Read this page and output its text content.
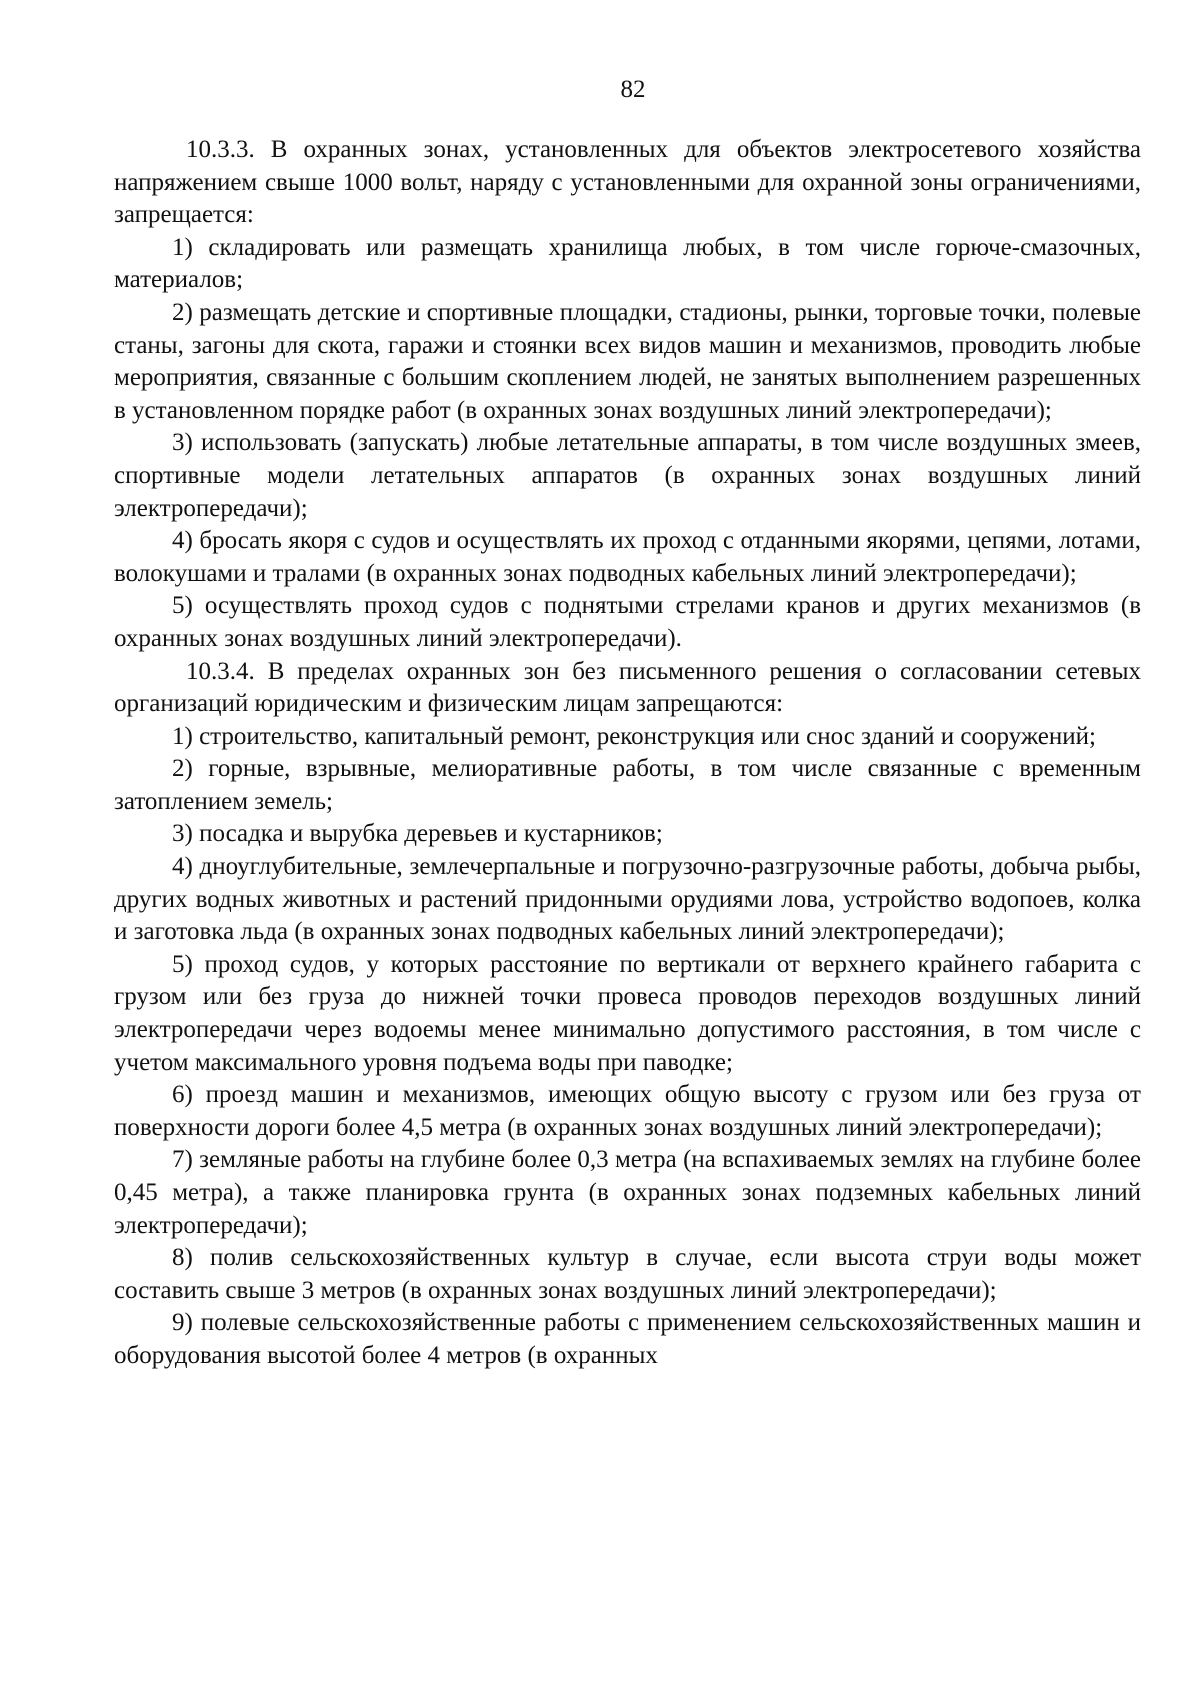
82

10.3.3. В охранных зонах, установленных для объектов электросетевого хозяйства напряжением свыше 1000 вольт, наряду с установленными для охранной зоны ограничениями, запрещается:

1) складировать или размещать хранилища любых, в том числе горюче-смазочных, материалов;

2) размещать детские и спортивные площадки, стадионы, рынки, торговые точки, полевые станы, загоны для скота, гаражи и стоянки всех видов машин и механизмов, проводить любые мероприятия, связанные с большим скоплением людей, не занятых выполнением разрешенных в установленном порядке работ (в охранных зонах воздушных линий электропередачи);

3) использовать (запускать) любые летательные аппараты, в том числе воздушных змеев, спортивные модели летательных аппаратов (в охранных зонах воздушных линий электропередачи);

4) бросать якоря с судов и осуществлять их проход с отданными якорями, цепями, лотами, волокушами и тралами (в охранных зонах подводных кабельных линий электропередачи);

5) осуществлять проход судов с поднятыми стрелами кранов и других механизмов (в охранных зонах воздушных линий электропередачи).

10.3.4. В пределах охранных зон без письменного решения о согласовании сетевых организаций юридическим и физическим лицам запрещаются:

1) строительство, капитальный ремонт, реконструкция или снос зданий и сооружений;

2) горные, взрывные, мелиоративные работы, в том числе связанные с временным затоплением земель;

3) посадка и вырубка деревьев и кустарников;

4) дноуглубительные, землечерпальные и погрузочно-разгрузочные работы, добыча рыбы, других водных животных и растений придонными орудиями лова, устройство водопоев, колка и заготовка льда (в охранных зонах подводных кабельных линий электропередачи);

5) проход судов, у которых расстояние по вертикали от верхнего крайнего габарита с грузом или без груза до нижней точки провеса проводов переходов воздушных линий электропередачи через водоемы менее минимально допустимого расстояния, в том числе с учетом максимального уровня подъема воды при паводке;

6) проезд машин и механизмов, имеющих общую высоту с грузом или без груза от поверхности дороги более 4,5 метра (в охранных зонах воздушных линий электропередачи);

7) земляные работы на глубине более 0,3 метра (на вспахиваемых землях на глубине более 0,45 метра), а также планировка грунта (в охранных зонах подземных кабельных линий электропередачи);

8) полив сельскохозяйственных культур в случае, если высота струи воды может составить свыше 3 метров (в охранных зонах воздушных линий электропередачи);

9) полевые сельскохозяйственные работы с применением сельскохозяйственных машин и оборудования высотой более 4 метров (в охранных
